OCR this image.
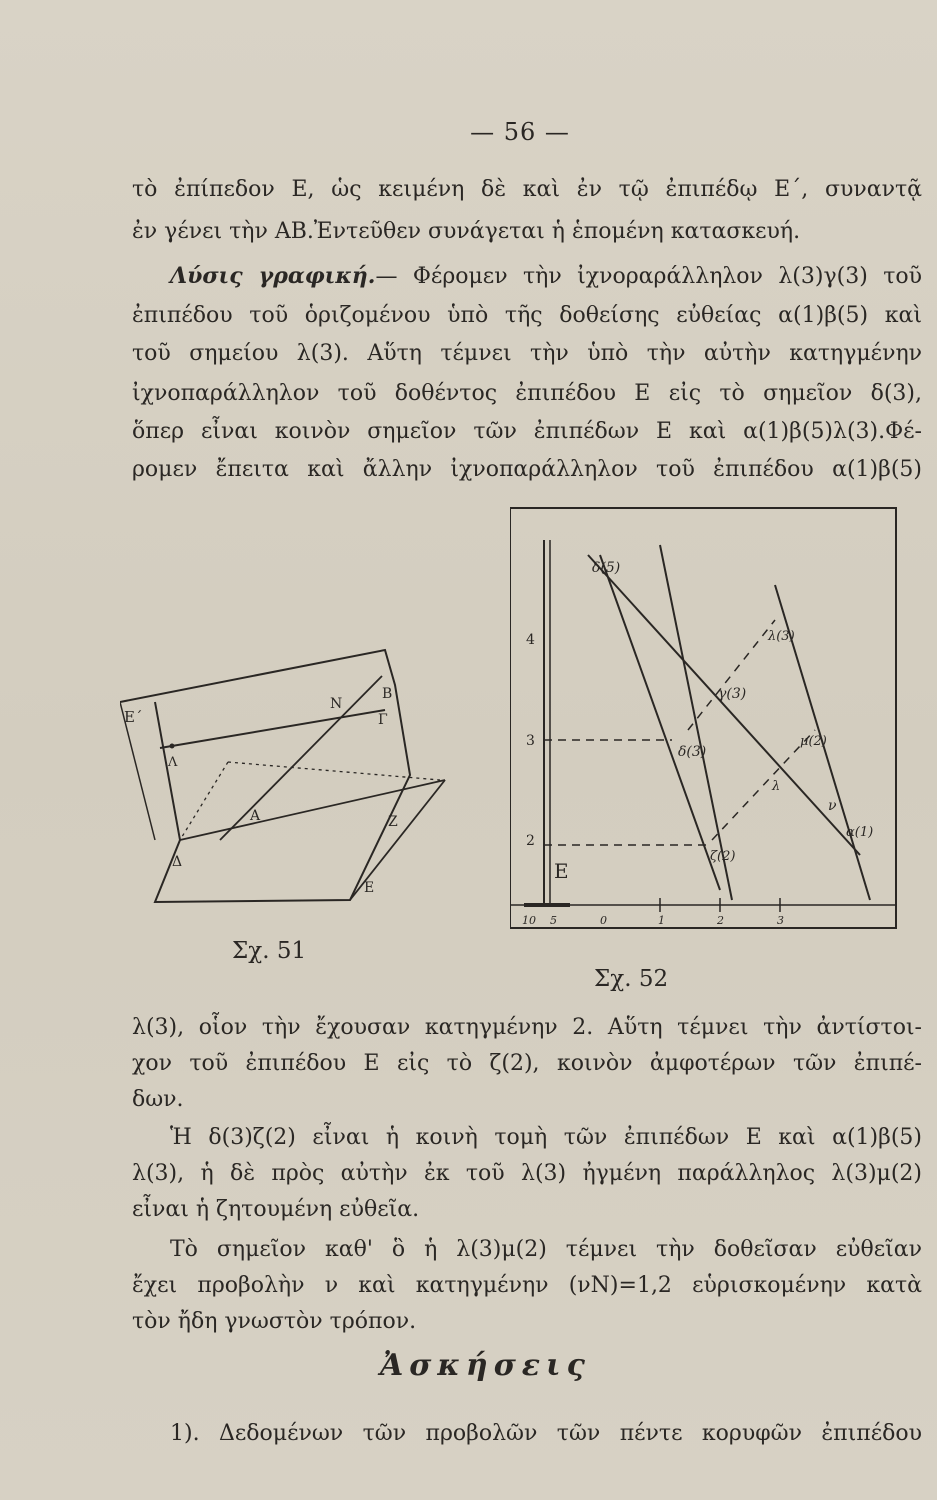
— 56 —
τὸ ἐπίπεδον Ε, ὡς κειμένη δὲ καὶ ἐν τῷ ἐπιπέδῳ Ε΄, συναντᾷ
ἐν γένει τὴν ΑΒ.Ἐντεῦθεν συνάγεται ἡ ἑπομένη κατασκευή.
Λύσις γραφική.— Φέρομεν τὴν ἰχνοραράλληλον λ(3)γ(3) τοῦ
ἐπιπέδου τοῦ ὁριζομένου ὑπὸ τῆς δοθείσης εὐθείας α(1)β(5) καὶ
τοῦ σημείου λ(3). Αὕτη τέμνει τὴν ὑπὸ τὴν αὐτὴν κατηγμένην
ἰχνοπαράλληλον τοῦ δοθέντος ἐπιπέδου Ε εἰς τὸ σημεῖον δ(3),
ὅπερ εἶναι κοινὸν σημεῖον τῶν ἐπιπέδων Ε καὶ α(1)β(5)λ(3).Φέ-
ρομεν ἔπειτα καὶ ἄλλην ἰχνοπαράλληλον τοῦ ἐπιπέδου α(1)β(5)
Ε΄
Β
Ν
Γ
Λ
Α	Ζ
Δ
Ε
Σχ. 51
δ(5)
λ(3)
γ(3)
δ(3)
μ(2)
ν
α(1)
ζ(2)
λ
Ε
4
3
2
10 5	0	1	2	3
Σχ. 52
λ(3), οἷον τὴν ἔχουσαν κατηγμένην 2. Αὕτη τέμνει τὴν ἀντίστοι-
χον τοῦ ἐπιπέδου Ε εἰς τὸ ζ(2), κοινὸν ἀμφοτέρων τῶν ἐπιπέ-
δων.
Ἡ δ(3)ζ(2) εἶναι ἡ κοινὴ τομὴ τῶν ἐπιπέδων Ε καὶ α(1)β(5)
λ(3), ἡ δὲ πρὸς αὐτὴν ἐκ τοῦ λ(3) ἠγμένη παράλληλος λ(3)μ(2)
εἶναι ἡ ζητουμένη εὐθεῖα.
Τὸ σημεῖον καθ' ὃ ἡ λ(3)μ(2) τέμνει τὴν δοθεῖσαν εὐθεῖαν
ἔχει προβολὴν ν καὶ κατηγμένην (νΝ)=1,2 εὑρισκομένην κατὰ
τὸν ἤδη γνωστὸν τρόπον.
Ἀσκήσεις
1). Δεδομένων τῶν προβολῶν τῶν πέντε κορυφῶν ἐπιπέδου
